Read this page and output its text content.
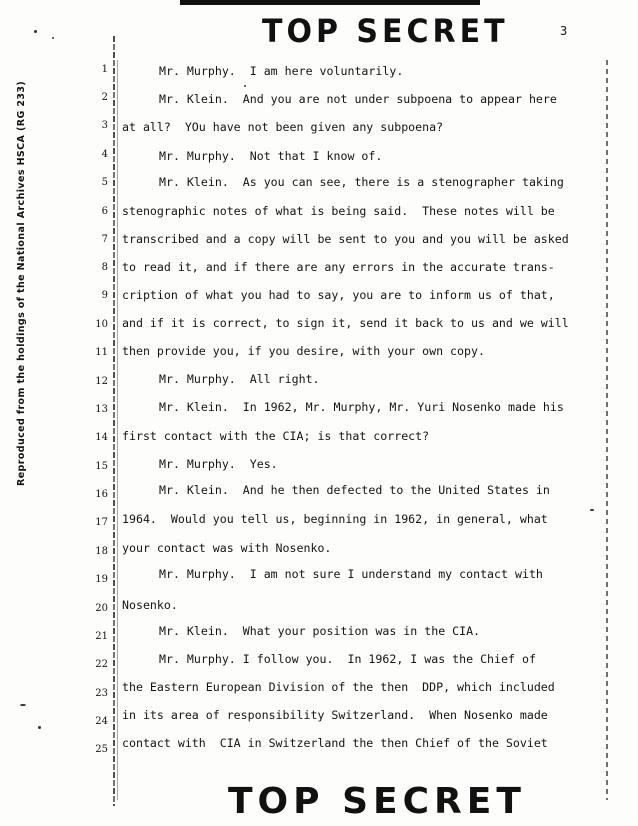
TOP SECRET	3
Reproduced from the holdings of the National Archives HSCA (RG 233)
1
2
3
4
5
6
7
8
9
10
11
12
13
14
15
16
17
18
19
20
21
22
23
24
25
Mr. Murphy.  I am here voluntarily.
Mr. Klein.  And you are not under subpoena to appear here
at all?  YOu have not been given any subpoena?
Mr. Murphy.  Not that I know of.
Mr. Klein.  As you can see, there is a stenographer taking
stenographic notes of what is being said.  These notes will be
transcribed and a copy will be sent to you and you will be asked
to read it, and if there are any errors in the accurate trans-
cription of what you had to say, you are to inform us of that,
and if it is correct, to sign it, send it back to us and we will
then provide you, if you desire, with your own copy.
Mr. Murphy.  All right.
Mr. Klein.  In 1962, Mr. Murphy, Mr. Yuri Nosenko made his
first contact with the CIA; is that correct?
Mr. Murphy.  Yes.
Mr. Klein.  And he then defected to the United States in
1964.  Would you tell us, beginning in 1962, in general, what
your contact was with Nosenko.
Mr. Murphy.  I am not sure I understand my contact with
Nosenko.
Mr. Klein.  What your position was in the CIA.
Mr. Murphy. I follow you.  In 1962, I was the Chief of
the Eastern European Division of the then  DDP, which included
in its area of responsibility Switzerland.  When Nosenko made
contact with  CIA in Switzerland the then Chief of the Soviet
TOP SECRET
